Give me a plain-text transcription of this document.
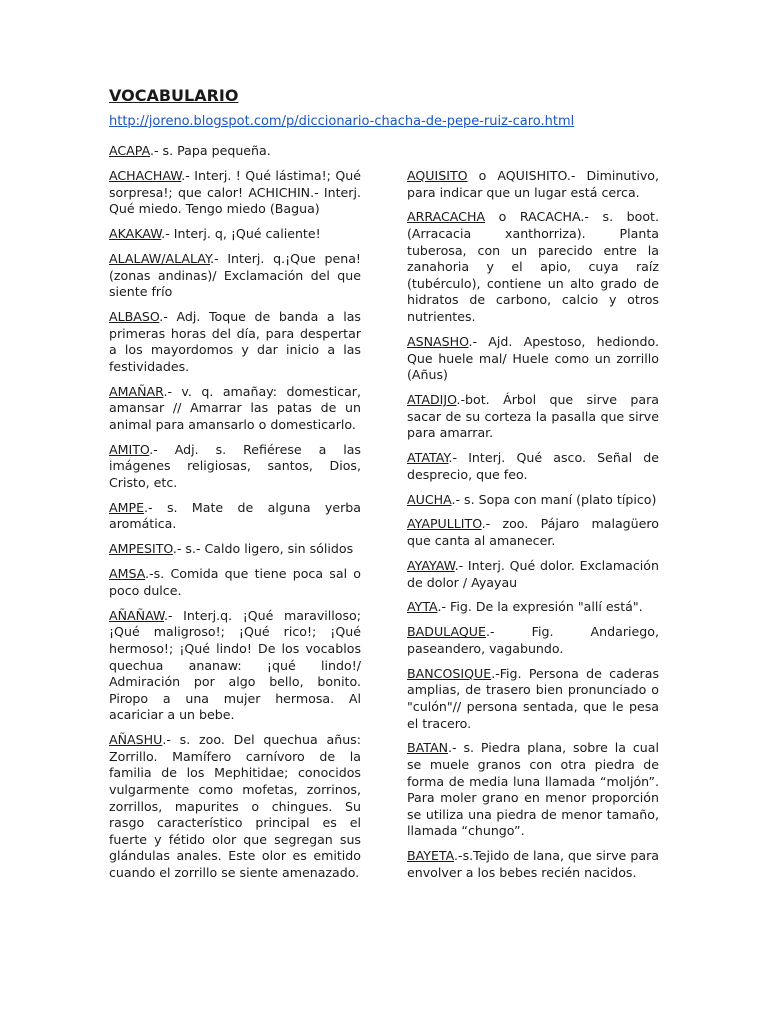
VOCABULARIO
http://joreno.blogspot.com/p/diccionario-chacha-de-pepe-ruiz-caro.html

ACAPA.- s. Papa pequeña.

ACHACHAW.- Interj. ! Qué lástima!; Qué sorpresa!; que calor! ACHICHIN.- Interj. Qué miedo. Tengo miedo (Bagua)

AKAKAW.- Interj. q, ¡Qué caliente!

ALALAW/ALALAY.- Interj. q.¡Que pena! (zonas andinas)/ Exclamación del que siente frío

ALBASO.- Adj. Toque de banda a las primeras horas del día, para despertar a los mayordomos y dar inicio a las festividades.

AMAÑAR.- v. q. amañay: domesticar, amansar // Amarrar las patas de un animal para amansarlo o domesticarlo.

AMITO.- Adj. s. Refiérese a las imágenes religiosas, santos, Dios, Cristo, etc.

AMPE.- s. Mate de alguna yerba aromática.

AMPESITO.- s.- Caldo ligero, sin sólidos

AMSA.-s. Comida que tiene poca sal o poco dulce.

AÑAÑAW.- Interj.q. ¡Qué maravilloso; ¡Qué maligroso!; ¡Qué rico!; ¡Qué hermoso!; ¡Qué lindo! De los vocablos quechua ananaw: ¡qué lindo!/ Admiración por algo bello, bonito. Piropo a una mujer hermosa. Al acariciar a un bebe.

AÑASHU.- s. zoo. Del quechua añus: Zorrillo. Mamífero carnívoro de la familia de los Mephitidae; conocidos vulgarmente como mofetas, zorrinos, zorrillos, mapurites o chingues. Su rasgo característico principal es el fuerte y fétido olor que segregan sus glándulas anales. Este olor es emitido cuando el zorrillo se siente amenazado.

AQUISITO o AQUISHITO.- Diminutivo, para indicar que un lugar está cerca.

ARRACACHA o RACACHA.- s. boot. (Arracacia xanthorriza). Planta tuberosa, con un parecido entre la zanahoria y el apio, cuya raíz (tubérculo), contiene un alto grado de hidratos de carbono, calcio y otros nutrientes.

ASNASHO.- Ajd. Apestoso, hediondo. Que huele mal/ Huele como un zorrillo (Añus)

ATADIJO.-bot. Árbol que sirve para sacar de su corteza la pasalla que sirve para amarrar.

ATATAY.- Interj. Qué asco. Señal de desprecio, que feo.

AUCHA.- s. Sopa con maní (plato típico)

AYAPULLITO.- zoo. Pájaro malagüero que canta al amanecer.

AYAYAW.- Interj. Qué dolor. Exclamación de dolor / Ayayau

AYTA.- Fig. De la expresión "allí está".

BADULAQUE.- Fig. Andariego, paseandero, vagabundo.

BANCOSIQUE.-Fig. Persona de caderas amplias, de trasero bien pronunciado o "culón"// persona sentada, que le pesa el tracero.

BATAN.- s. Piedra plana, sobre la cual se muele granos con otra piedra de forma de media luna llamada “moljón”. Para moler grano en menor proporción se utiliza una piedra de menor tamaño, llamada “chungo”.

BAYETA.-s.Tejido de lana, que sirve para envolver a los bebes recién nacidos.
